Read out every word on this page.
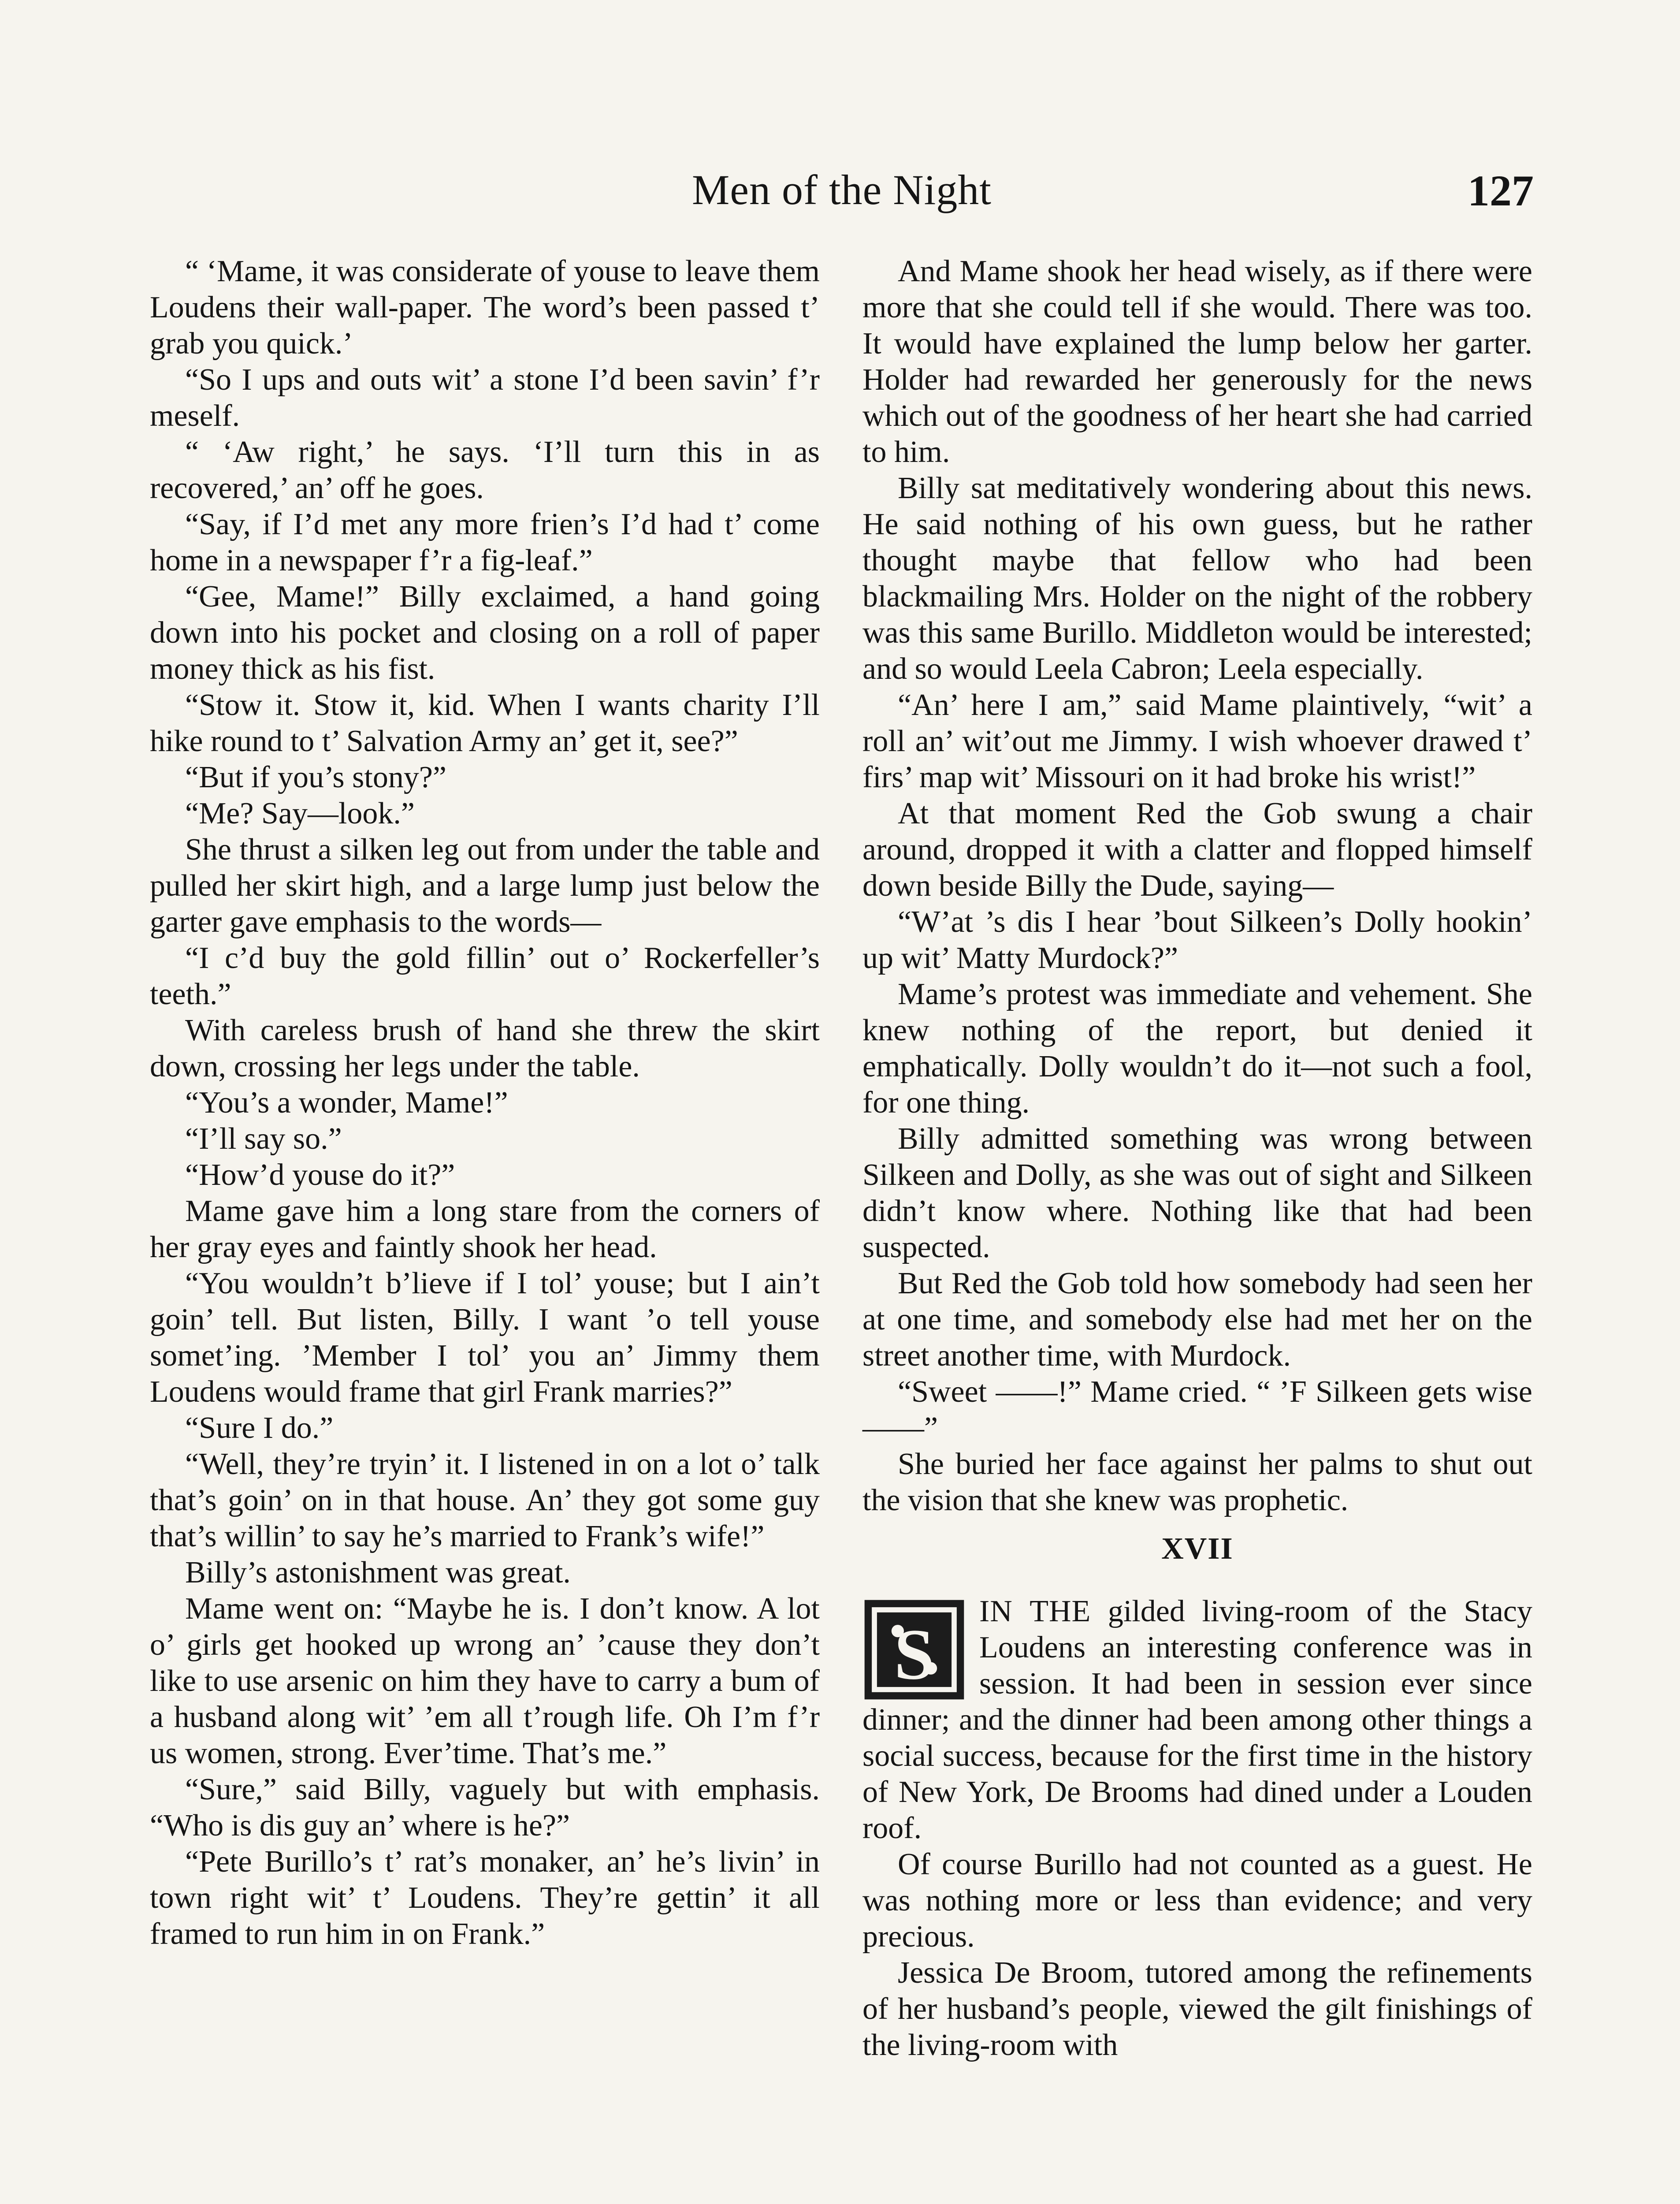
Men of the Night	127

“ ‘Mame, it was considerate of youse to leave them Loudens their wall-paper. The word’s been passed t’ grab you quick.’

“So I ups and outs wit’ a stone I’d been savin’ f’r meself.

“ ‘Aw right,’ he says. ‘I’ll turn this in as recovered,’ an’ off he goes.

“Say, if I’d met any more frien’s I’d had t’ come home in a newspaper f’r a fig-leaf.”

“Gee, Mame!” Billy exclaimed, a hand going down into his pocket and closing on a roll of paper money thick as his fist.

“Stow it. Stow it, kid. When I wants charity I’ll hike round to t’ Salvation Army an’ get it, see?”

“But if you’s stony?”

“Me? Say—look.”

She thrust a silken leg out from under the table and pulled her skirt high, and a large lump just below the garter gave emphasis to the words—

“I c’d buy the gold fillin’ out o’ Rockerfeller’s teeth.”

With careless brush of hand she threw the skirt down, crossing her legs under the table.

“You’s a wonder, Mame!”

“I’ll say so.”

“How’d youse do it?”

Mame gave him a long stare from the corners of her gray eyes and faintly shook her head.

“You wouldn’t b’lieve if I tol’ youse; but I ain’t goin’ tell. But listen, Billy. I want ’o tell youse somet’ing. ’Member I tol’ you an’ Jimmy them Loudens would frame that girl Frank marries?”

“Sure I do.”

“Well, they’re tryin’ it. I listened in on a lot o’ talk that’s goin’ on in that house. An’ they got some guy that’s willin’ to say he’s married to Frank’s wife!”

Billy’s astonishment was great.

Mame went on: “Maybe he is. I don’t know. A lot o’ girls get hooked up wrong an’ ’cause they don’t like to use arsenic on him they have to carry a bum of a husband along wit’ ’em all t’rough life. Oh I’m f’r us women, strong. Ever’time. That’s me.”

“Sure,” said Billy, vaguely but with emphasis. “Who is dis guy an’ where is he?”

“Pete Burillo’s t’ rat’s monaker, an’ he’s livin’ in town right wit’ t’ Loudens. They’re gettin’ it all framed to run him in on Frank.”

And Mame shook her head wisely, as if there were more that she could tell if she would. There was too. It would have explained the lump below her garter. Holder had rewarded her generously for the news which out of the goodness of her heart she had carried to him.

Billy sat meditatively wondering about this news. He said nothing of his own guess, but he rather thought maybe that fellow who had been blackmailing Mrs. Holder on the night of the robbery was this same Burillo. Middleton would be interested; and so would Leela Cabron; Leela especially.

“An’ here I am,” said Mame plaintively, “wit’ a roll an’ wit’out me Jimmy. I wish whoever drawed t’ firs’ map wit’ Missouri on it had broke his wrist!”

At that moment Red the Gob swung a chair around, dropped it with a clatter and flopped himself down beside Billy the Dude, saying—

“W’at ’s dis I hear ’bout Silkeen’s Dolly hookin’ up wit’ Matty Murdock?”

Mame’s protest was immediate and vehement. She knew nothing of the report, but denied it emphatically. Dolly wouldn’t do it—not such a fool, for one thing.

Billy admitted something was wrong between Silkeen and Dolly, as she was out of sight and Silkeen didn’t know where. Nothing like that had been suspected.

But Red the Gob told how somebody had seen her at one time, and somebody else had met her on the street another time, with Murdock.

“Sweet ——!” Mame cried. “ ’F Silkeen gets wise——”

She buried her face against her palms to shut out the vision that she knew was prophetic.

XVII

S
IN THE gilded living-room of the Stacy Loudens an interesting conference was in session. It had been in session ever since dinner; and the dinner had been among other things a social success, because for the first time in the history of New York, De Brooms had dined under a Louden roof.

Of course Burillo had not counted as a guest. He was nothing more or less than evidence; and very precious.

Jessica De Broom, tutored among the refinements of her husband’s people, viewed the gilt finishings of the living-room with
